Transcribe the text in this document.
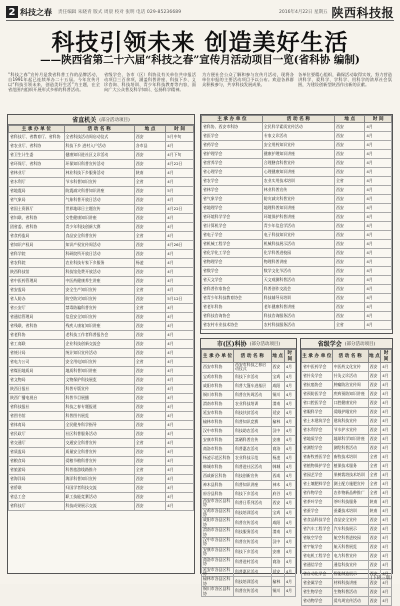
2 科技之春 责任编辑 朱晓青 版式 周晨 校对 张明 电话 029-85236689	2016年4月22日 星期五 陕西科技报
科技引领未来 创造美好生活
——陕西省第二十六届“科技之春”宣传月活动项目一览(省科协 编制)
“科技之春”宣传月是我省科普工作的品牌活动，自1991年起已连续举办二十五届。今年宣传月以“科技引领未来，创造美好生活”为主题，在全省范围内组织开展形式多样的科普活动。
省级学会、各市（区）科协及有关单位共申报活动项目三百余项，涵盖科普讲座、科技下乡、义诊咨询、科技培训、青少年科技教育等内容，面向广大公众普及科学知识、弘扬科学精神。
为方便社会公众了解和参与宣传月活动，现将各单位申报的主要活动项目予以公布。欢迎各界群众积极参与，共享科技发展成果。
各单位要精心组织，确保活动取得实效，努力营造讲科学、爱科学、学科学、用科学的浓厚社会氛围，为建设创新型陕西作出新的贡献。
省直机关 (部分活动项目)
主 承 办 单 位	活 动 名 称	地 点	时 间
省科技厅、省教育厅、省科协	全省科技活动周启动仪式	西安	5月中旬
省农业厅、省科协	科技下乡 进村入户活动	各市县	4月
省卫生计生委	健康知识进社区义诊活动	西安	4月下旬
省环保厅、省科协	环保知识科普宣传活动	西安	4月22日
省林业厅	林业科技下乡服务活动	陕南	4月
省水利厅	节水科普知识宣传	全省	4月
省地震局	防震减灾科普知识讲座	西安	5月
省气象局	气象科普开放日活动	西安	4月
省国土资源厅	世界地球日主题宣传	西安	4月22日
省妇联、省科协	女性健康知识讲座	西安	4月
团省委、省科协	青少年科技创新大赛	西安	4月
省食药监局	食品安全科普宣传	全省	4月
省知识产权局	知识产权宣传周活动	西安	4月26日
省科学院	科研院所开放日活动	西安	4月
省农科院	农业科技专家下乡服务	杨凌	4月
陕西科技馆	科技馆免费开放活动	西安	4月
省中医药管理局	中医药健康养生讲座	西安	4月
省安监局	安全生产知识宣传	全省	4月
省人防办	防空防灾知识宣传	西安	5月12日
省公安厅	禁毒防骗科普宣传	全省	4月
省通信管理局	信息安全知识宣传	西安	4月
省残联、省科协	残疾人康复知识讲座	西安	4月
省老科协	老科技工作者科普报告会	西安	4月
省工商联	企业科技创新交流会	西安	4月
省统计局	统计知识宣传活动	西安	4月
省电力公司	安全用电知识宣传	全省	4月
省煤田地质局	地质科普知识讲座	西安	4月
省文物局	文物保护科技展览	西安	4月
陕西日报社	科普专版宣传	西安	4月
陕西广播电视台	科普节目展播	西安	4月
省科技报社	科技之春专题报道	西安	4月
省图书馆	科普图书展览	西安	4月
省体育局	全民健身科学指导	西安	4月
省民政厅	社区科普服务活动	西安	4月
省交通厅	交通安全科普宣传	全省	4月
省质监局	质量安全科普宣传	西安	4月
省粮食局	爱粮节粮科普宣传	西安	4月
省旅游局	科普旅游线路推介	全省	4月
省海洋局	海洋科普知识宣传	西安	4月
省侨联	归国学者科技交流	西安	4月
省总工会	职工技能竞赛活动	西安	4月
省科技厅	科技成果展示交流	西安	4月
主 承 办 单 位	活 动 名 称	地 点	时 间
省科协、西安市科协	全民科学素质宣传活动	西安	4月
省医学会	专家义诊活动	西安	4月
省药学会	安全用药知识宣传	西安	4月
省护理学会	健康护理知识讲座	西安	4月
省营养学会	合理膳食科普宣传	西安	4月
省心理学会	心理健康知识讲座	西安	4月
省农学会	农业实用技术培训	全省	4月
省林学会	林业科普宣传	西安	4月
省气象学会	防灾减灾科普宣传	西安	4月
省地理学会	地理科普知识讲座	西安	4月
省环境科学学会	环境保护科普讲座	西安	4月
省计算机学会	青少年信息学活动	西安	4月
省电子学会	电子科技知识宣传	西安	4月
省机械工程学会	机械科技展示活动	西安	4月
省化学化工学会	化学科普进校园	西安	4月
省物理学会	物理科普讲座	西安	4月
省数学会	数学文化节活动	西安	4月
省天文学会	天文观测科普活动	西安	4月
省科普作家协会	科普创作交流会	西安	4月
省青少年科技教育协会	科技辅导员培训	西安	4月
省老年科协	老年健康科普讲座	西安	4月
省科技咨询协会	科技咨询服务活动	西安	4月
省农村专业技术协会	农村科技服务活动	全省	4月
市(区)科协 (部分活动项目)
主 承 办 单 位	活 动 名 称	地 点	时 间
西安市科协	西安市科技之春启动仪式	西安	4月
宝鸡市科协	科技下乡活动	宝鸡	4月
咸阳市科协	科普大篷车进基层	咸阳	4月
铜川市科协	科普宣传周活动	铜川	4月
渭南市科协	农业科技培训	渭南	4月
延安市科协	科技扶贫活动	延安	4月
榆林市科协	科普知识竞赛	榆林	4月
汉中市科协	科技助农活动	汉中	4月
安康市科协	富硒科普宣传	安康	4月
商洛市科协	科普惠农活动	商洛	4月
杨凌示范区科协	农业科技示范	杨凌	4月
韩城市科协	科普进社区活动	韩城	4月
西咸新区科协	科技创新宣传	西咸	4月
神木县科协	科普知识讲座	神木	4月
府谷县科协	科技下乡活动	府谷	4月
西安市各区县科协	科普日系列活动	西安	4月
宝鸡市各县区科协	科技培训活动	宝鸡	4月
咸阳市各县区科协	科普宣传活动	咸阳	4月
渭南市各县区科协	科技服务活动	渭南	4月
汉中市各县区科协	科普宣传活动	汉中	4月
安康市各县区科协	科技下乡活动	安康	4月
商洛市各县区科协	科普进村活动	商洛	4月
延安市各县区科协	科普惠民活动	延安	4月
榆林市各县区科协	科技培训活动	榆林	4月
铜川市各区县科协	科普宣传活动	铜川	4月
省级学会 (部分活动项目)
主 承 办 单 位	活 动 名 称	地 点	时 间
省中医药学会	中医药文化宣传	西安	4月
省针灸学会	针灸义诊活动	西安	4月
省抗癌协会	肿瘤防治宣传周	西安	4月
省预防医学会	疾病预防知识讲座	西安	4月
省口腔医学会	口腔健康宣传	西安	4月
省眼科学会	爱眼护眼宣传	西安	4月
省土木建筑学会	建筑科技宣传	西安	4月
省水利学会	节水护水宣传	西安	4月
省地质学会	地球科学知识讲座	西安	4月
省测绘学会	测绘科普活动	西安	4月
省畜牧兽医学会	畜牧技术培训	全省	4月
省植物保护学会	植保技术服务	全省	4月
省园艺学会	果树栽培技术培训	全省	4月
省土壤肥料学会	测土配方施肥宣传	全省	4月
省作物学会	农作物新品种推广	全省	4月
省茶叶学会	茶叶科技服务	陕南	4月
省蚕学会	蚕桑技术培训	陕南	4月
省食品科技学会	食品安全宣传	西安	4月
省汽车工程学会	汽车科技展示	西安	4月
省航空学会	航空科普进校园	西安	4月
省宇航学会	航天科普展览	西安	4月
省电机工程学会	电力科普宣传	西安	4月
省通信学会	通信科技宣传	西安	4月
省自动化学会	智能制造展示	西安	4月
省金属学会	材料科技讲座	西安	4月
省生物学会	生物科普活动	西安	4月
省动物学会	爱鸟周宣传活动	西安	4月
(下转三版)
